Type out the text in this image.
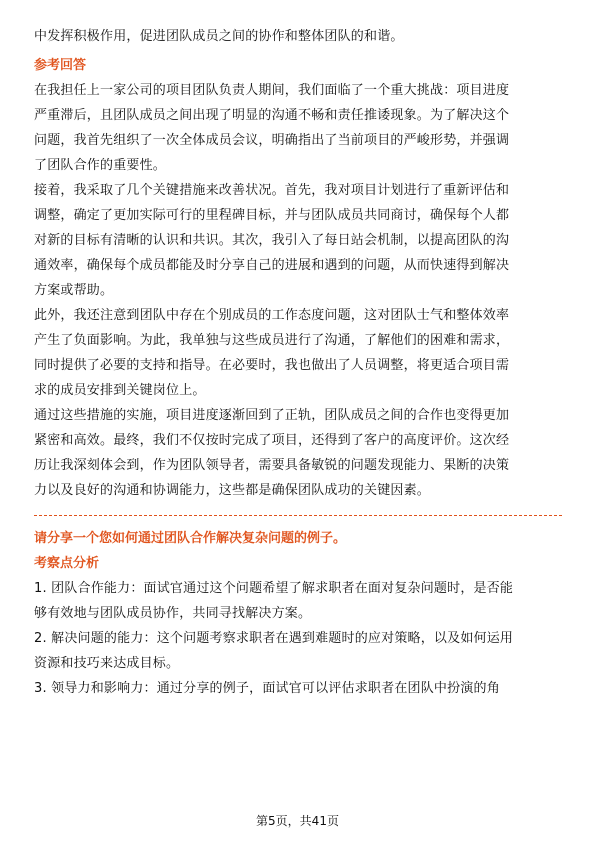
中发挥积极作用，促进团队成员之间的协作和整体团队的和谐。
参考回答
在我担任上一家公司的项目团队负责人期间，我们面临了一个重大挑战：项目进度
严重滞后，且团队成员之间出现了明显的沟通不畅和责任推诿现象。为了解决这个
问题，我首先组织了一次全体成员会议，明确指出了当前项目的严峻形势，并强调
了团队合作的重要性。
接着，我采取了几个关键措施来改善状况。首先，我对项目计划进行了重新评估和
调整，确定了更加实际可行的里程碑目标，并与团队成员共同商讨，确保每个人都
对新的目标有清晰的认识和共识。其次，我引入了每日站会机制，以提高团队的沟
通效率，确保每个成员都能及时分享自己的进展和遇到的问题，从而快速得到解决
方案或帮助。
此外，我还注意到团队中存在个别成员的工作态度问题，这对团队士气和整体效率
产生了负面影响。为此，我单独与这些成员进行了沟通，了解他们的困难和需求，
同时提供了必要的支持和指导。在必要时，我也做出了人员调整，将更适合项目需
求的成员安排到关键岗位上。
通过这些措施的实施，项目进度逐渐回到了正轨，团队成员之间的合作也变得更加
紧密和高效。最终，我们不仅按时完成了项目，还得到了客户的高度评价。这次经
历让我深刻体会到，作为团队领导者，需要具备敏锐的问题发现能力、果断的决策
力以及良好的沟通和协调能力，这些都是确保团队成功的关键因素。
请分享一个您如何通过团队合作解决复杂问题的例子。
考察点分析
1. 团队合作能力：面试官通过这个问题希望了解求职者在面对复杂问题时，是否能
够有效地与团队成员协作，共同寻找解决方案。
2. 解决问题的能力：这个问题考察求职者在遇到难题时的应对策略，以及如何运用
资源和技巧来达成目标。
3. 领导力和影响力：通过分享的例子，面试官可以评估求职者在团队中扮演的角
第5页，共41页
